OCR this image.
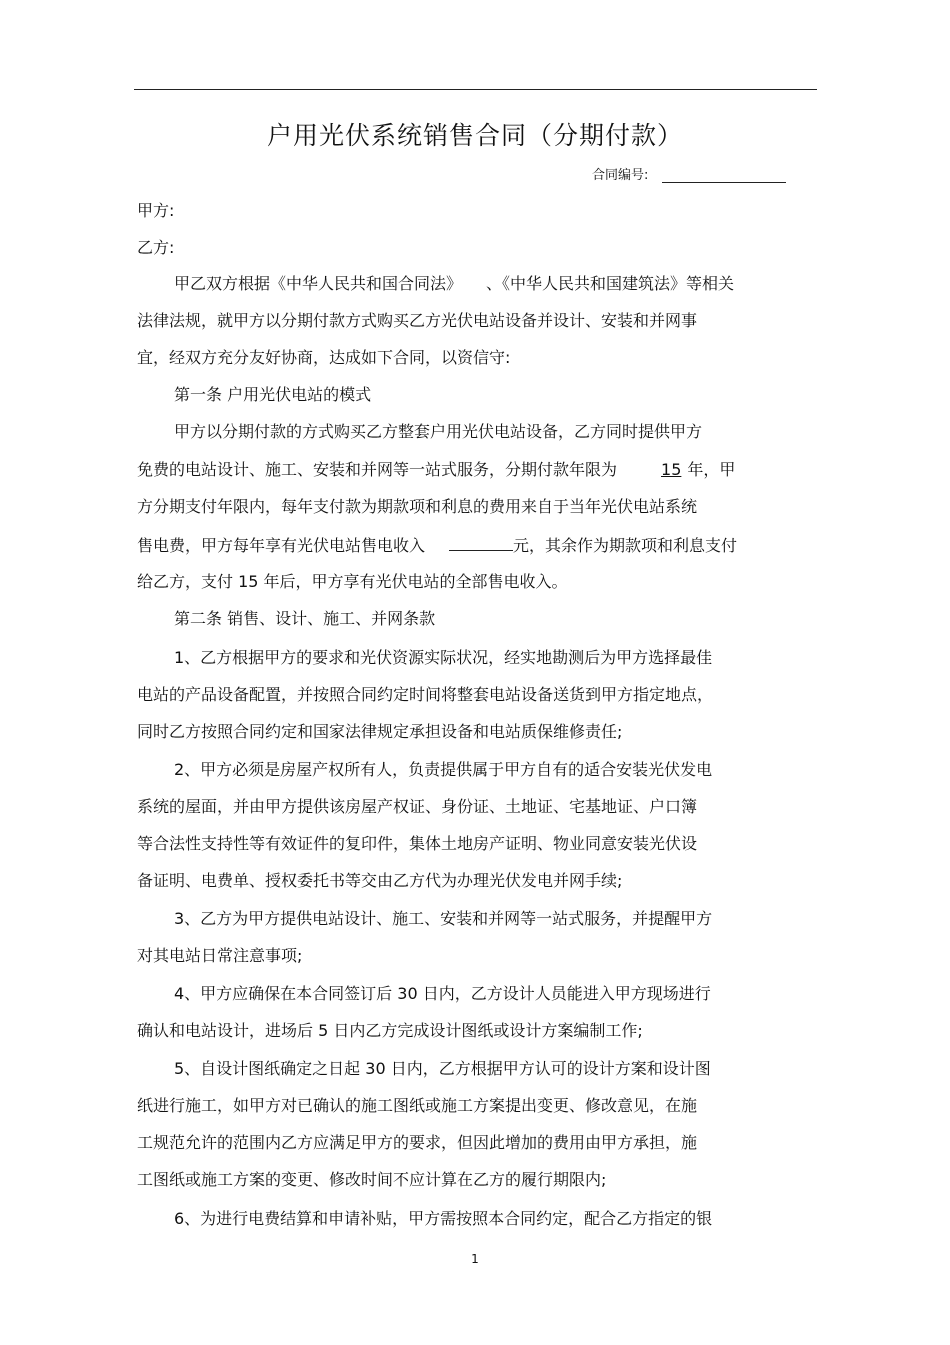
户用光伏系统销售合同（分期付款）
合同编号:
甲方:
乙方:
甲乙双方根据《中华人民共和国合同法》 、《中华人民共和国建筑法》等相关
法律法规，就甲方以分期付款方式购买乙方光伏电站设备并设计、安装和并网事
宜，经双方充分友好协商，达成如下合同，以资信守:
第一条 户用光伏电站的模式
甲方以分期付款的方式购买乙方整套户用光伏电站设备，乙方同时提供甲方
免费的电站设计、施工、安装和并网等一站式服务，分期付款年限为	15 年，甲
方分期支付年限内，每年支付款为期款项和利息的费用来自于当年光伏电站系统
售电费，甲方每年享有光伏电站售电收入	元，其余作为期款项和利息支付
给乙方，支付 15 年后，甲方享有光伏电站的全部售电收入。
第二条 销售、设计、施工、并网条款
1、乙方根据甲方的要求和光伏资源实际状况，经实地勘测后为甲方选择最佳
电站的产品设备配置，并按照合同约定时间将整套电站设备送货到甲方指定地点，
同时乙方按照合同约定和国家法律规定承担设备和电站质保维修责任;
2、甲方必须是房屋产权所有人，负责提供属于甲方自有的适合安装光伏发电
系统的屋面，并由甲方提供该房屋产权证、身份证、土地证、宅基地证、户口簿
等合法性支持性等有效证件的复印件，集体土地房产证明、物业同意安装光伏设
备证明、电费单、授权委托书等交由乙方代为办理光伏发电并网手续;
3、乙方为甲方提供电站设计、施工、安装和并网等一站式服务，并提醒甲方
对其电站日常注意事项;
4、甲方应确保在本合同签订后 30 日内，乙方设计人员能进入甲方现场进行
确认和电站设计，进场后 5 日内乙方完成设计图纸或设计方案编制工作;
5、自设计图纸确定之日起 30 日内，乙方根据甲方认可的设计方案和设计图
纸进行施工，如甲方对已确认的施工图纸或施工方案提出变更、修改意见，在施
工规范允许的范围内乙方应满足甲方的要求，但因此增加的费用由甲方承担，施
工图纸或施工方案的变更、修改时间不应计算在乙方的履行期限内;
6、为进行电费结算和申请补贴，甲方需按照本合同约定，配合乙方指定的银
1
